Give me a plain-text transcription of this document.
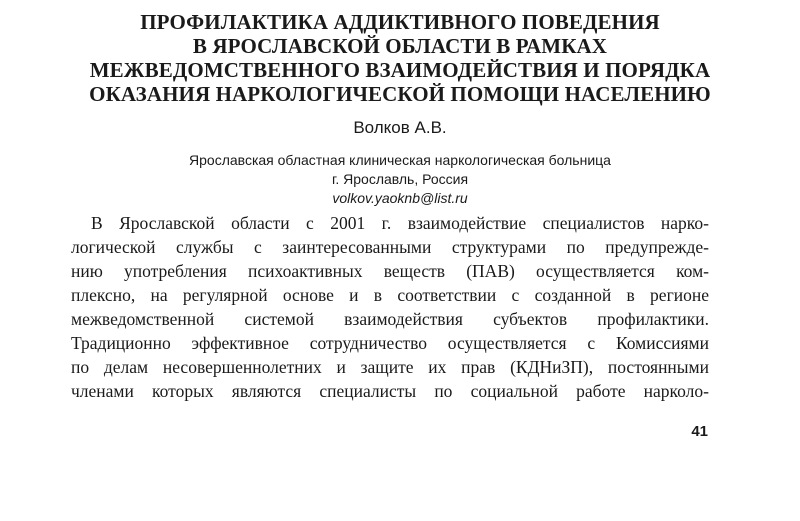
ПРОФИЛАКТИКА АДДИКТИВНОГО ПОВЕДЕНИЯ
В ЯРОСЛАВСКОЙ ОБЛАСТИ В РАМКАХ
МЕЖВЕДОМСТВЕННОГО ВЗАИМОДЕЙСТВИЯ И ПОРЯДКА
ОКАЗАНИЯ НАРКОЛОГИЧЕСКОЙ ПОМОЩИ НАСЕЛЕНИЮ
Волков А.В.
Ярославская областная клиническая наркологическая больница
г. Ярославль, Россия
volkov.yaoknb@list.ru
В Ярославской области с 2001 г. взаимодействие специалистов нарко-
логической службы с заинтересованными структурами по предупрежде-
нию употребления психоактивных веществ (ПАВ) осуществляется ком-
плексно, на регулярной основе и в соответствии с созданной в регионе
межведомственной системой взаимодействия субъектов профилактики.
Традиционно эффективное сотрудничество осуществляется с Комиссиями
по делам несовершеннолетних и защите их прав (КДНиЗП), постоянными
членами которых являются специалисты по социальной работе нарколо-
41
